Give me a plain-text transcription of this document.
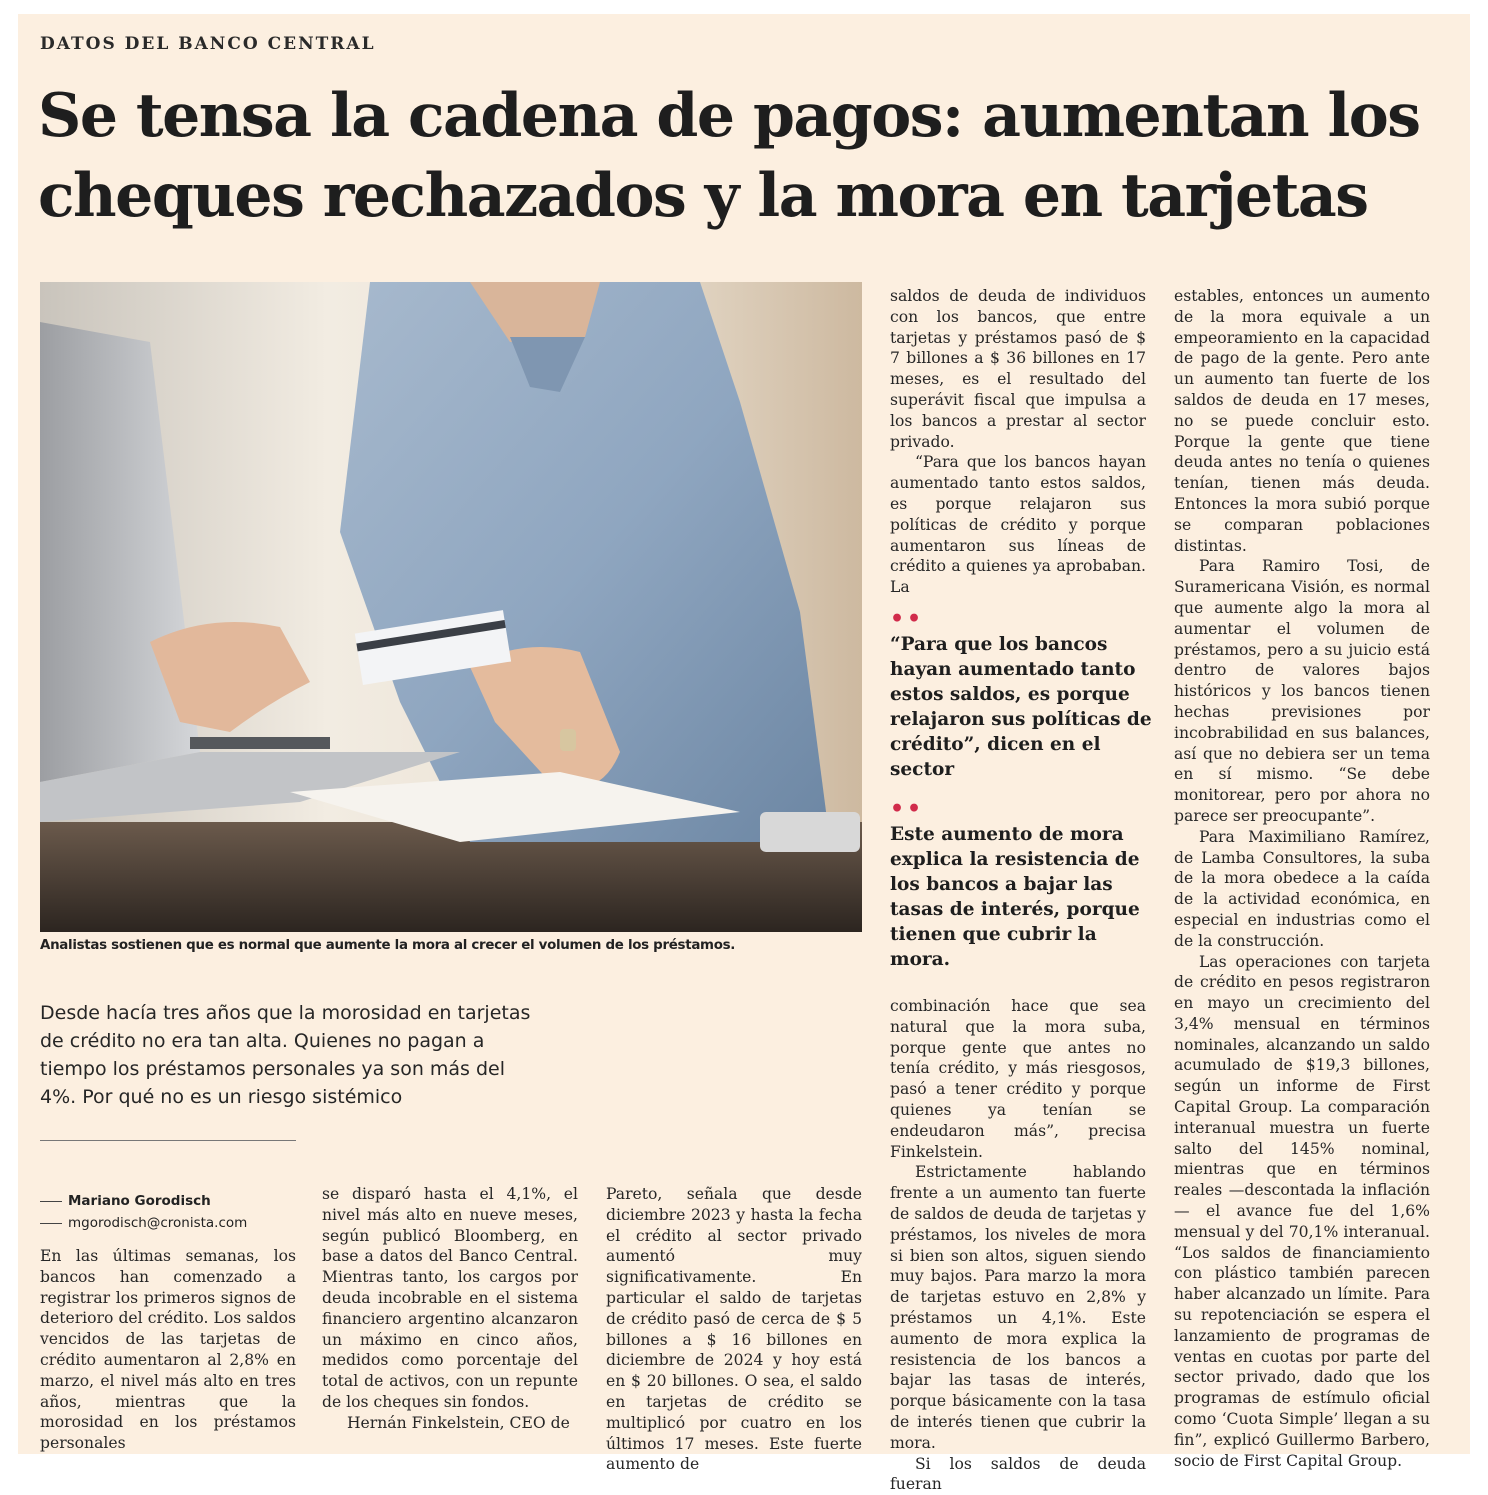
DATOS DEL BANCO CENTRAL
Se tensa la cadena de pagos: aumentan los cheques rechazados y la mora en tarjetas
Analistas sostienen que es normal que aumente la mora al crecer el volumen de los préstamos.
Desde hacía tres años que la morosidad en tarjetas de crédito no era tan alta. Quienes no pagan a tiempo los préstamos personales ya son más del 4%. Por qué no es un riesgo sistémico
Mariano Gorodisch
mgorodisch@cronista.com

En las últimas semanas, los bancos han comenzado a registrar los primeros signos de deterioro del crédito. Los saldos vencidos de las tarjetas de crédito aumentaron al 2,8% en marzo, el nivel más alto en tres años, mientras que la morosidad en los préstamos personales

se disparó hasta el 4,1%, el nivel más alto en nueve meses, según publicó Bloomberg, en base a datos del Banco Central. Mientras tanto, los cargos por deuda incobrable en el sistema financiero argentino alcanzaron un máximo en cinco años, medidos como porcentaje del total de activos, con un repunte de los cheques sin fondos.

Hernán Finkelstein, CEO de

Pareto, señala que desde diciembre 2023 y hasta la fecha el crédito al sector privado aumentó muy significativamente. En particular el saldo de tarjetas de crédito pasó de cerca de $ 5 billones a $ 16 billones en diciembre de 2024 y hoy está en $ 20 billones. O sea, el saldo en tarjetas de crédito se multiplicó por cuatro en los últimos 17 meses. Este fuerte aumento de

saldos de deuda de individuos con los bancos, que entre tarjetas y préstamos pasó de $ 7 billones a $ 36 billones en 17 meses, es el resultado del superávit fiscal que impulsa a los bancos a prestar al sector privado.

“Para que los bancos hayan aumentado tanto estos saldos, es porque relajaron sus políticas de crédito y porque aumentaron sus líneas de crédito a quienes ya aprobaban. La

••
“Para que los bancos hayan aumentado tanto estos saldos, es porque relajaron sus políticas de crédito”, dicen en el sector
••
Este aumento de mora explica la resistencia de los bancos a bajar las tasas de interés, porque tienen que cubrir la mora.

combinación hace que sea natural que la mora suba, porque gente que antes no tenía crédito, y más riesgosos, pasó a tener crédito y porque quienes ya tenían se endeudaron más”, precisa Finkelstein.

Estrictamente hablando frente a un aumento tan fuerte de saldos de deuda de tarjetas y préstamos, los niveles de mora si bien son altos, siguen siendo muy bajos. Para marzo la mora de tarjetas estuvo en 2,8% y préstamos un 4,1%. Este aumento de mora explica la resistencia de los bancos a bajar las tasas de interés, porque básicamente con la tasa de interés tienen que cubrir la mora.

Si los saldos de deuda fueran

estables, entonces un aumento de la mora equivale a un empeoramiento en la capacidad de pago de la gente. Pero ante un aumento tan fuerte de los saldos de deuda en 17 meses, no se puede concluir esto. Porque la gente que tiene deuda antes no tenía o quienes tenían, tienen más deuda. Entonces la mora subió porque se comparan poblaciones distintas.

Para Ramiro Tosi, de Suramericana Visión, es normal que aumente algo la mora al aumentar el volumen de préstamos, pero a su juicio está dentro de valores bajos históricos y los bancos tienen hechas previsiones por incobrabilidad en sus balances, así que no debiera ser un tema en sí mismo. “Se debe monitorear, pero por ahora no parece ser preocupante”.

Para Maximiliano Ramírez, de Lamba Consultores, la suba de la mora obedece a la caída de la actividad económica, en especial en industrias como el de la construcción.

Las operaciones con tarjeta de crédito en pesos registraron en mayo un crecimiento del 3,4% mensual en términos nominales, alcanzando un saldo acumulado de $19,3 billones, según un informe de First Capital Group. La comparación interanual muestra un fuerte salto del 145% nominal, mientras que en términos reales —descontada la inflación— el avance fue del 1,6% mensual y del 70,1% interanual. “Los saldos de financiamiento con plástico también parecen haber alcanzado un límite. Para su repotenciación se espera el lanzamiento de programas de ventas en cuotas por parte del sector privado, dado que los programas de estímulo oficial como ‘Cuota Simple’ llegan a su fin”, explicó Guillermo Barbero, socio de First Capital Group.
